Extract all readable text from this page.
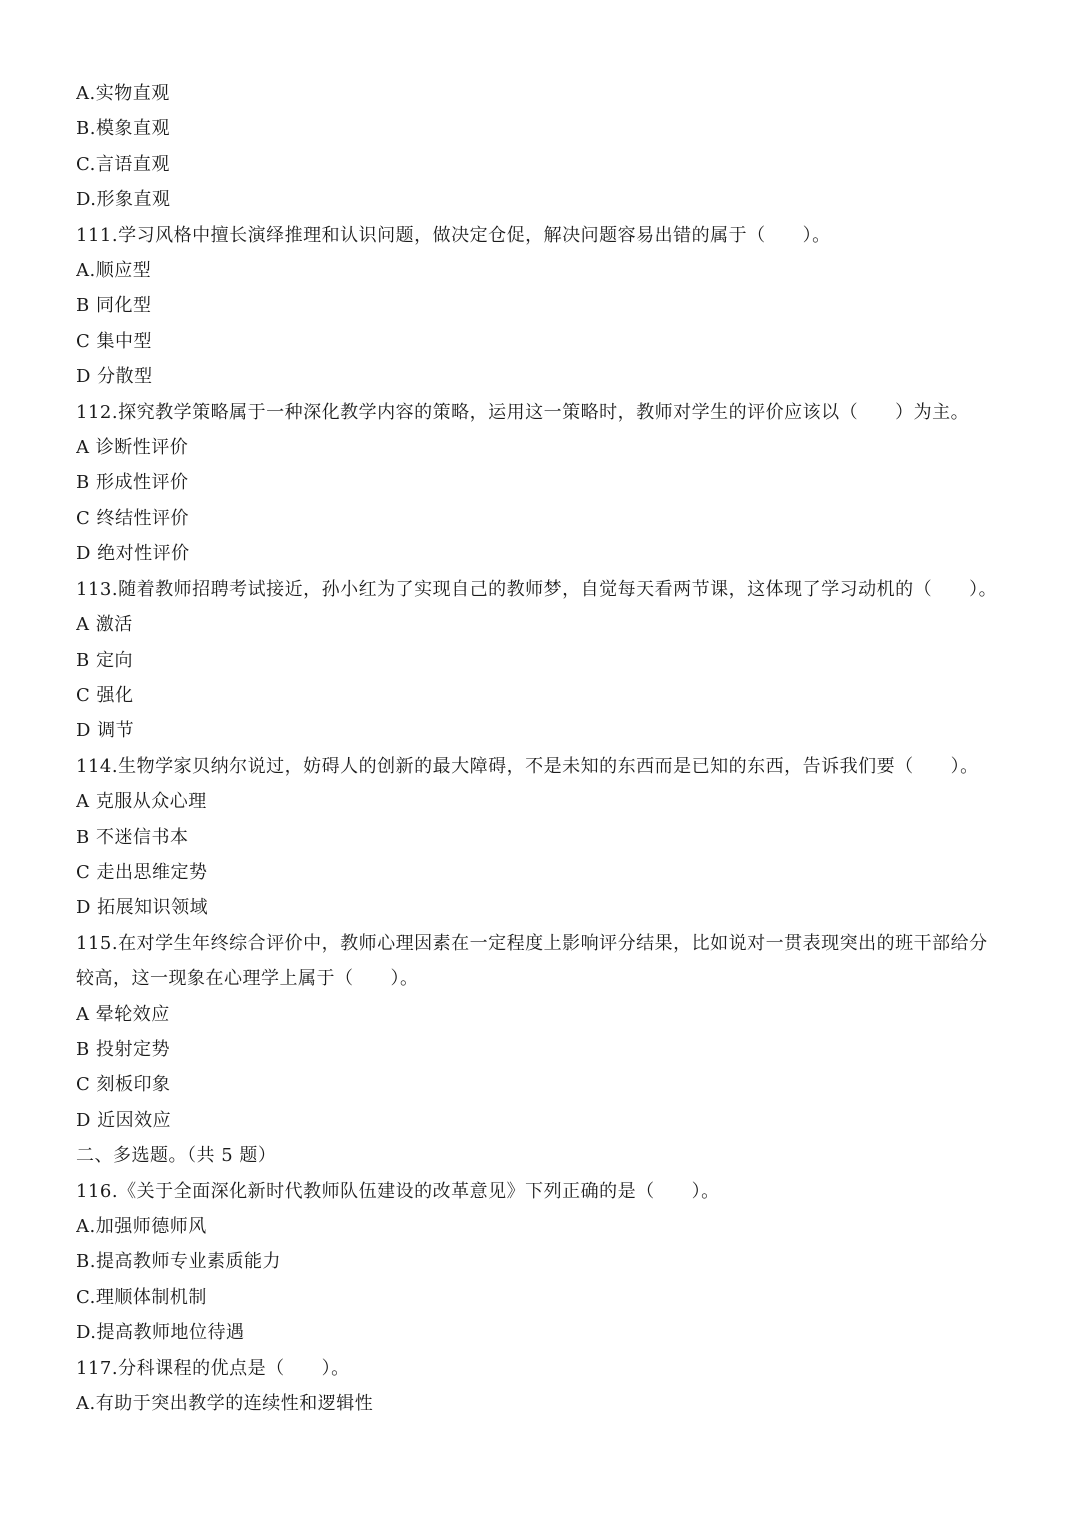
A.实物直观
B.模象直观
C.言语直观
D.形象直观
111.学习风格中擅长演绎推理和认识问题，做决定仓促，解决问题容易出错的属于（　　）。
A.顺应型
B 同化型
C 集中型
D 分散型
112.探究教学策略属于一种深化教学内容的策略，运用这一策略时，教师对学生的评价应该以（　　）为主。
A 诊断性评价
B 形成性评价
C 终结性评价
D 绝对性评价
113.随着教师招聘考试接近，孙小红为了实现自己的教师梦，自觉每天看两节课，这体现了学习动机的（　　）。
A 激活
B 定向
C 强化
D 调节
114.生物学家贝纳尔说过，妨碍人的创新的最大障碍，不是未知的东西而是已知的东西，告诉我们要（　　）。
A 克服从众心理
B 不迷信书本
C 走出思维定势
D 拓展知识领域
115.在对学生年终综合评价中，教师心理因素在一定程度上影响评分结果，比如说对一贯表现突出的班干部给分
较高，这一现象在心理学上属于（　　）。
A 晕轮效应
B 投射定势
C 刻板印象
D 近因效应
二、多选题。（共 5 题）
116.《关于全面深化新时代教师队伍建设的改革意见》下列正确的是（　　）。
A.加强师德师风
B.提高教师专业素质能力
C.理顺体制机制
D.提高教师地位待遇
117.分科课程的优点是（　　）。
A.有助于突出教学的连续性和逻辑性
